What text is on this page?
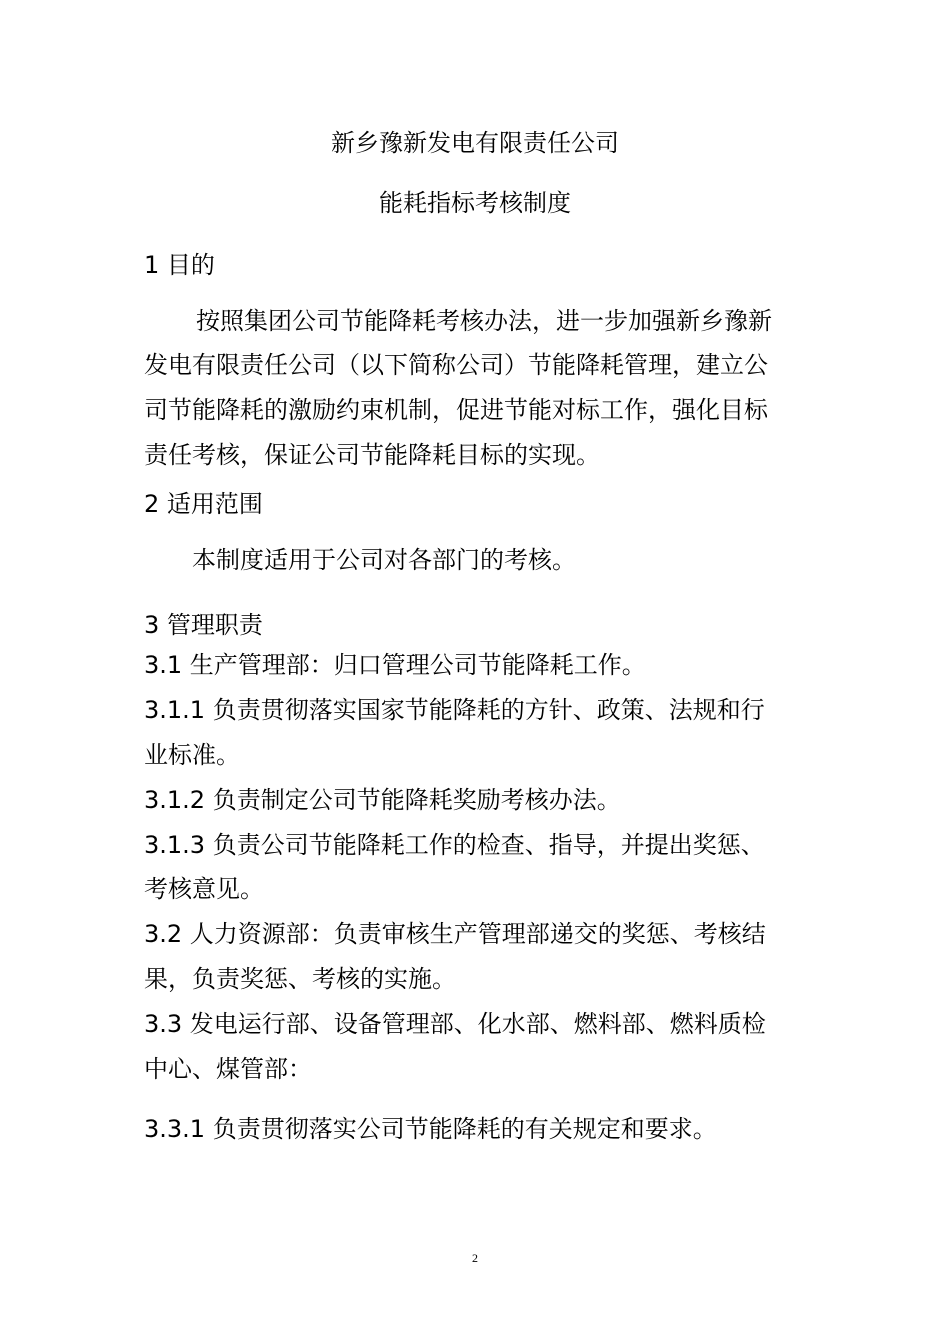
新乡豫新发电有限责任公司
能耗指标考核制度
1 目的
按照集团公司节能降耗考核办法，进一步加强新乡豫新
发电有限责任公司（以下简称公司）节能降耗管理，建立公
司节能降耗的激励约束机制，促进节能对标工作，强化目标
责任考核，保证公司节能降耗目标的实现。
2 适用范围
本制度适用于公司对各部门的考核。
3 管理职责
3.1 生产管理部：归口管理公司节能降耗工作。
3.1.1 负责贯彻落实国家节能降耗的方针、政策、法规和行
业标准。
3.1.2 负责制定公司节能降耗奖励考核办法。
3.1.3 负责公司节能降耗工作的检查、指导，并提出奖惩、
考核意见。
3.2 人力资源部：负责审核生产管理部递交的奖惩、考核结
果，负责奖惩、考核的实施。
3.3 发电运行部、设备管理部、化水部、燃料部、燃料质检
中心、煤管部：
3.3.1 负责贯彻落实公司节能降耗的有关规定和要求。
2
